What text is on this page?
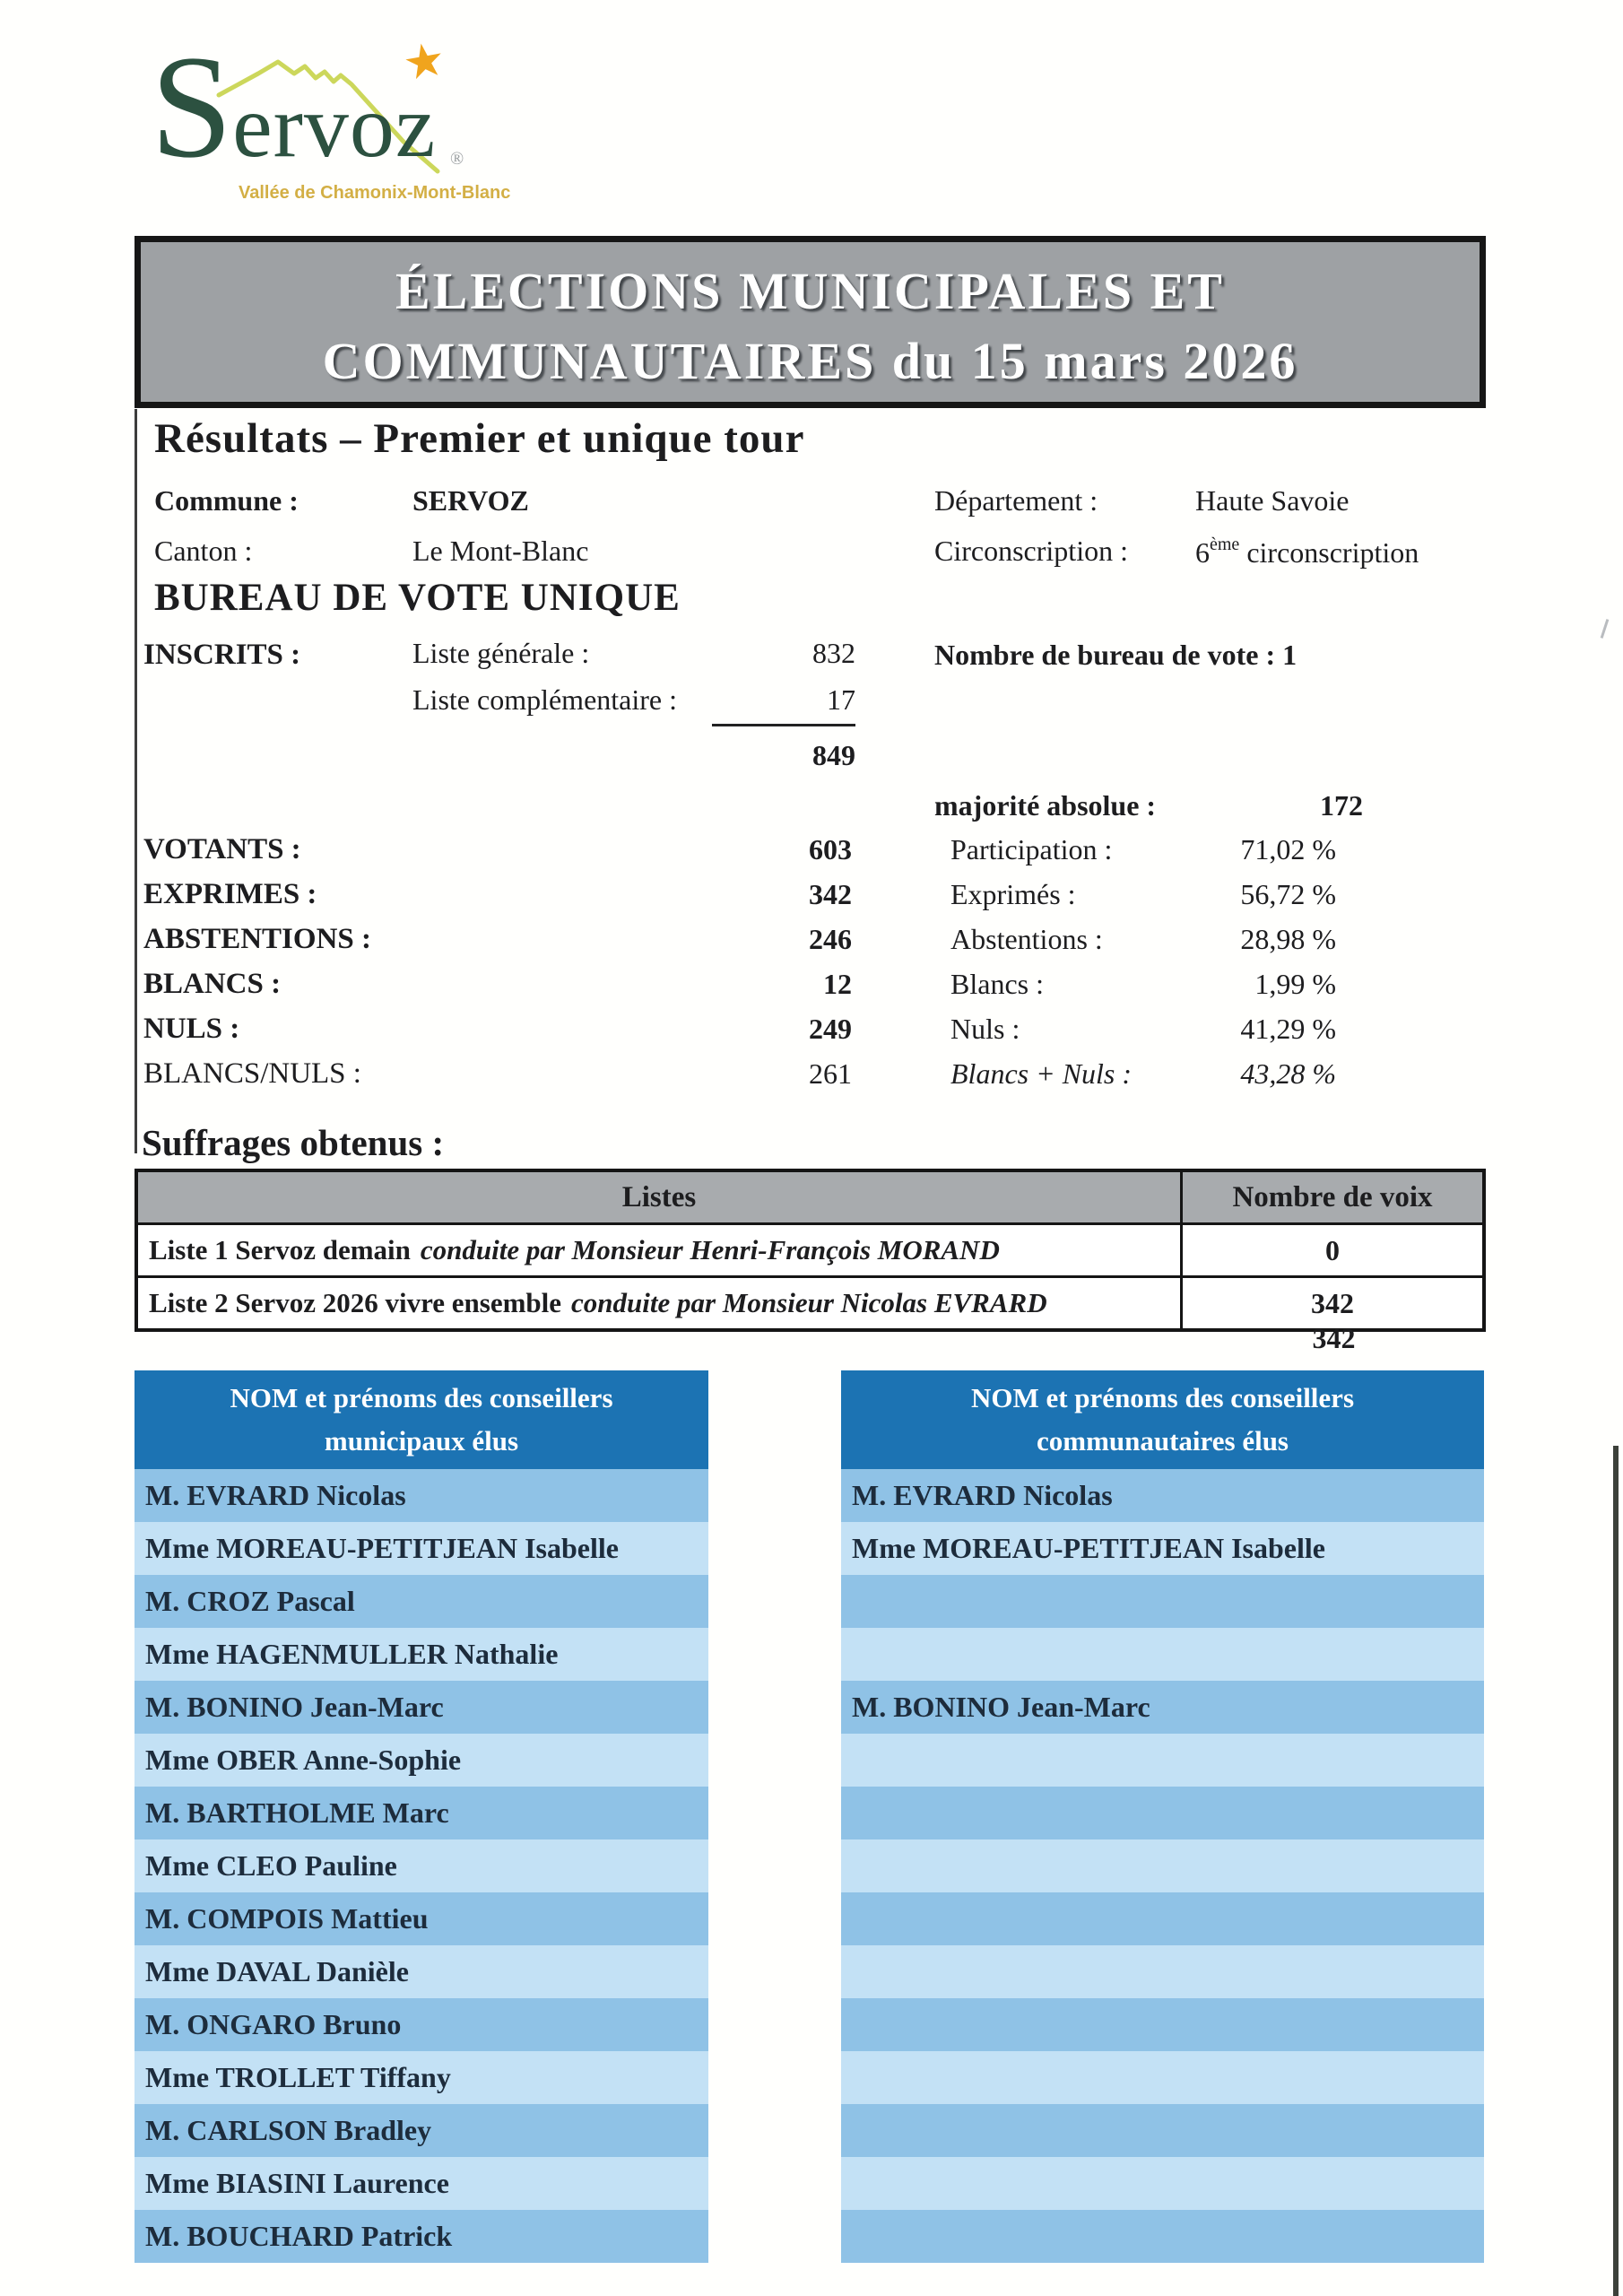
★
Servoz
Vallée de Chamonix-Mont-Blanc
®
ÉLECTIONS MUNICIPALES ET
COMMUNAUTAIRES du 15 mars 2026
Résultats – Premier et unique tour
Commune :	SERVOZ	Département :	Haute Savoie
Canton :	Le Mont-Blanc	Circonscription : 6ème circonscription
BUREAU DE VOTE UNIQUE
INSCRITS :	Liste générale :	832
Liste complémentaire :	17
849
Nombre de bureau de vote : 1
majorité absolue :	172
VOTANTS :	603	Participation :	71,02 %
EXPRIMES :	342	Exprimés :	56,72 %
ABSTENTIONS :	246	Abstentions :	28,98 %
BLANCS :	12	Blancs :	1,99 %
NULS :	249	Nuls :	41,29 %
BLANCS/NULS :	261	Blancs + Nuls :	43,28 %
Suffrages obtenus :
Listes	Nombre de voix
Liste 1 Servoz demain conduite par Monsieur Henri-François MORAND	0
Liste 2 Servoz 2026 vivre ensemble conduite par Monsieur Nicolas EVRARD	342
342
NOM et prénoms des conseillers
municipaux élus
M. EVRARD Nicolas
Mme MOREAU-PETITJEAN Isabelle
M. CROZ Pascal
Mme HAGENMULLER Nathalie
M. BONINO Jean-Marc
Mme OBER Anne-Sophie
M. BARTHOLME Marc
Mme CLEO Pauline
M. COMPOIS Mattieu
Mme DAVAL Danièle
M. ONGARO Bruno
Mme TROLLET Tiffany
M. CARLSON Bradley
Mme BIASINI Laurence
M. BOUCHARD Patrick
NOM et prénoms des conseillers
communautaires élus
M. EVRARD Nicolas
Mme MOREAU-PETITJEAN Isabelle
M. BONINO Jean-Marc
